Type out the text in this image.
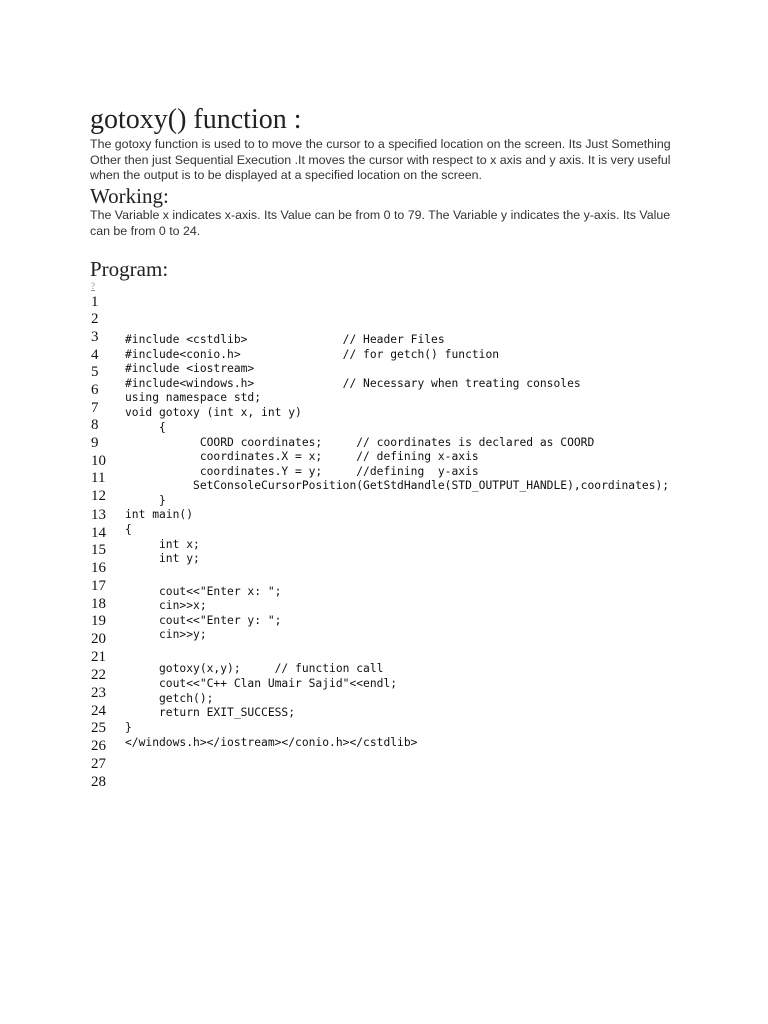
gotoxy() function :
The gotoxy function is used to to move the cursor to a specified location on the screen. Its Just Something Other then just Sequential Execution .It moves the cursor with respect to x axis and y axis. It is very useful when the output is to be displayed at a specified location on the screen.
Working:
The Variable x indicates x-axis. Its Value can be from 0 to 79. The Variable y indicates the y-axis. Its Value can be from 0 to 24.
Program:
?
1
2
3
4
5
6
7
8
9
10
11
12
13
14
15
16
17
18
19
20
21
22
23
24
25
26
27
28
#include <cstdlib>              // Header Files
#include<conio.h>               // for getch() function
#include <iostream>
#include<windows.h>             // Necessary when treating consoles
using namespace std;
void gotoxy (int x, int y)
{
COORD coordinates;     // coordinates is declared as COORD
coordinates.X = x;     // defining x-axis
coordinates.Y = y;     //defining  y-axis
SetConsoleCursorPosition(GetStdHandle(STD_OUTPUT_HANDLE),coordinates);
}
int main()
{
int x;
int y;
cout<<"Enter x: ";
cin>>x;
cout<<"Enter y: ";
cin>>y;
gotoxy(x,y);     // function call
cout<<"C++ Clan Umair Sajid"<<endl;
getch();
return EXIT_SUCCESS;
}
</windows.h></iostream></conio.h></cstdlib>
